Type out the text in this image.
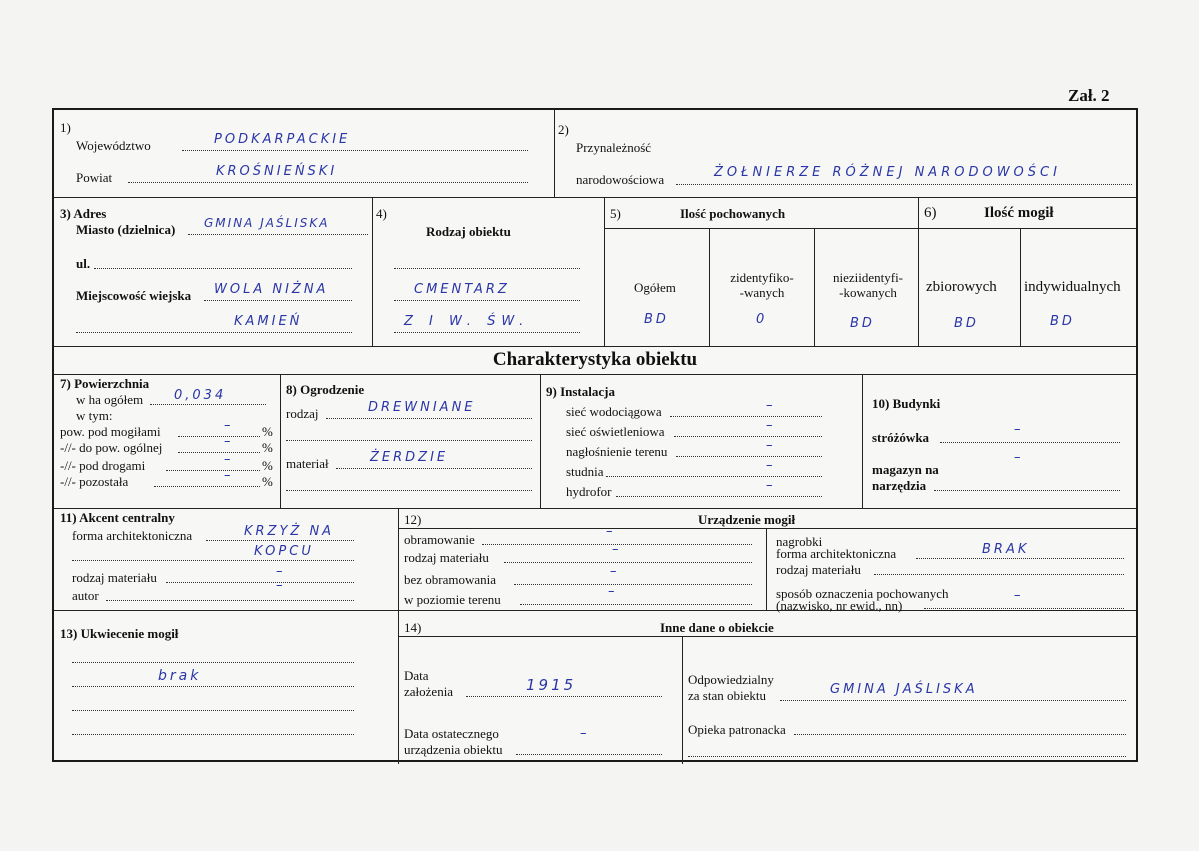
Zał. 2
1)
Województwo	PODKARPACKIE
Powiat	KROŚNIEŃSKI
2)
Przynależność
narodowościowa	ŻOŁNIERZE RÓŻNEJ NARODOWOŚCI
3) Adres
Miasto (dzielnica) GMINA JAŚLISKA
ul.
Miejscowość wiejska WOLA NIŻNA
KAMIEŃ
4)
Rodzaj obiektu
CMENTARZ
Z I W. ŚW.
5)	Ilość pochowanych
Ogółem
zidentyfiko-
-wanych
nieziidentyfi-
-kowanych
BD	0	BD
6)	Ilość mogił
zbiorowych indywidualnych
BD	BD
Charakterystyka obiektu
7) Powierzchnia
w ha ogółem 0,034
w tym:
pow. pod mogiłami	– %
-//- do pow. ogólnej	– %
-//- pod drogami	– %
-//- pozostała	– %
8) Ogrodzenie
rodzaj	DREWNIANE
materiał	ŻERDZIE
9) Instalacja
sieć wodociągowa	–
sieć oświetleniowa	–
nagłośnienie terenu	–
studnia	–
hydrofor	–
10) Budynki
stróżówka
–
magazyn na
narzędzia
–
11) Akcent centralny
forma architektoniczna	KRZYŻ NA
KOPCU
rodzaj materiału	–
autor
–
12)	Urządzenie mogił
obramowanie
–
rodzaj materiału
–
bez obramowania
–
w poziomie terenu
–
nagrobki
forma architektoniczna	BRAK
rodzaj materiału
sposób oznaczenia pochowanych
(nazwisko, nr ewid., nn)
–
13) Ukwiecenie mogił
brak
14)	Inne dane o obiekcie
Data
założenia	1915
Data ostatecznego
urządzenia obiektu
–
Odpowiedzialny
za stan obiektu	GMINA JAŚLISKA
Opieka patronacka
